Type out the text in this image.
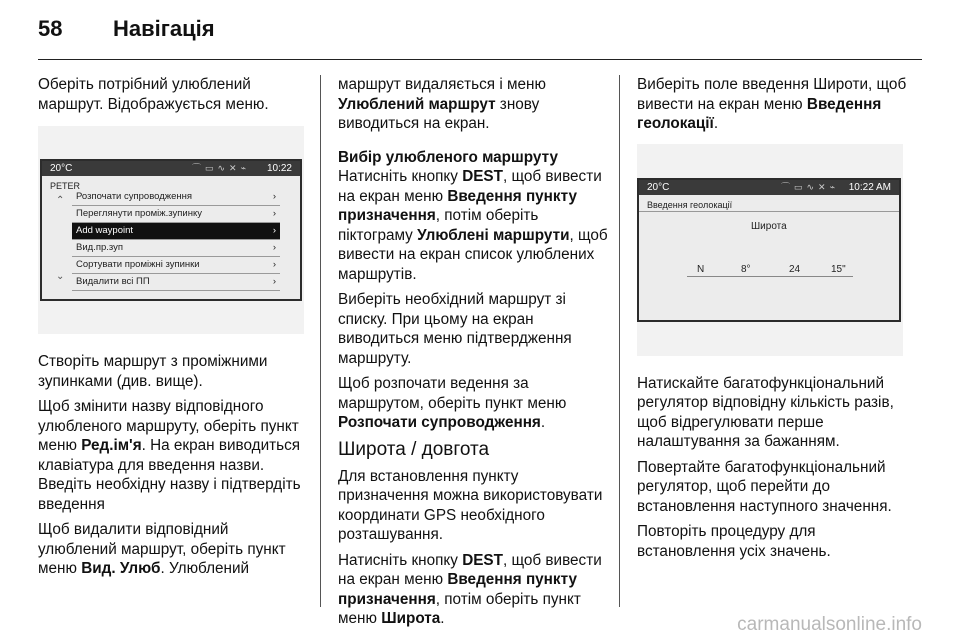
58 Навігація

Оберіть потрібний улюблений маршрут. Відображується меню.

20°C	⌒▭∿✕⌁ 10:22
PETER
⌃
⌄
Розпочати супроводження	›
Переглянути проміж.зупинку	›
Add waypoint	›
Вид.пр.зуп	›
Сортувати проміжні зупинки	›
Видалити всі ПП	›

Створіть маршрут з проміжними зупинками (див. вище).

Щоб змінити назву відповідного улюбленого маршруту, оберіть пункт меню Ред.ім'я. На екран виводиться клавіатура для введення назви. Введіть необхідну назву і підтвердіть введення

Щоб видалити відповідний улюблений маршрут, оберіть пункт меню Вид. Улюб. Улюблений

маршрут видаляється і меню Улюблений маршрут знову виводиться на екран.

Вибір улюбленого маршруту

Натисніть кнопку DEST, щоб вивести на екран меню Введення пункту призначення, потім оберіть піктограму Улюблені маршрути, щоб вивести на екран список улюблених маршрутів.

Виберіть необхідний маршрут зі списку. При цьому на екран виводиться меню підтвердження маршруту.

Щоб розпочати ведення за маршрутом, оберіть пункт меню Розпочати супроводження.

Широта / довгота

Для встановлення пункту призначення можна використовувати координати GPS необхідного розташування.

Натисніть кнопку DEST, щоб вивести на екран меню Введення пункту призначення, потім оберіть пункт меню Широта.

Виберіть поле введення Широти, щоб вивести на екран меню Введення геолокації.

20°C	⌒▭∿✕⌁ 10:22 AM
Введення геолокації
Широта
N	8°	24	15"

Натискайте багатофункціональний регулятор відповідну кількість разів, щоб відрегулювати перше налаштування за бажанням.

Повертайте багатофункціональний регулятор, щоб перейти до встановлення наступного значення.

Повторіть процедуру для встановлення усіх значень.

carmanualsonline.info
